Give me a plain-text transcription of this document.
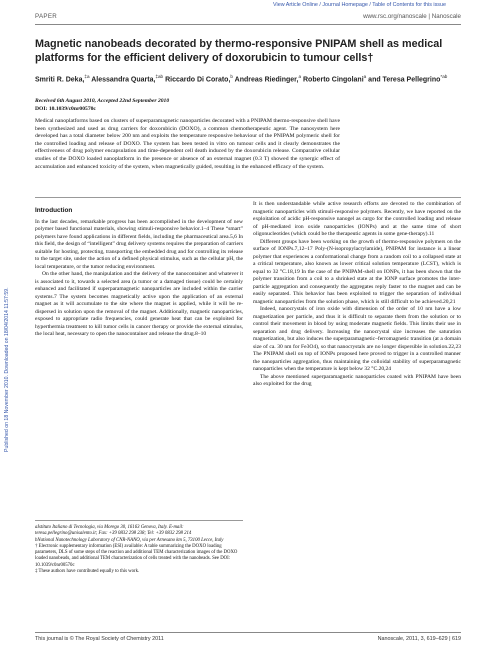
View Article Online / Journal Homepage / Table of Contents for this issue
Published on 18 November 2010. Downloaded on 18/04/2014 11:57:59.
PAPER	www.rsc.org/nanoscale | Nanoscale
Magnetic nanobeads decorated by thermo-responsive PNIPAM shell as medical platforms for the efficient delivery of doxorubicin to tumour cells†
Smriti R. Deka,$^{\ddagger a}$ Alessandra Quarta,$^{\ddagger ab}$ Riccardo Di Corato,$^b$ Andreas Riedinger,$^a$ Roberto Cingolani$^a$ and Teresa Pellegrino$^{*ab}$
Received 6th August 2010, Accepted 22nd September 2010
DOI: 10.1039/c0nr00570c

Medical nanoplatforms based on clusters of superparamagnetic nanoparticles decorated with a PNIPAM thermo-responsive shell have been synthesized and used as drug carriers for doxorubicin (DOXO), a common chemotherapeutic agent. The nanosystem here developed has a total diameter below 200 nm and exploits the temperature responsive behaviour of the PNIPAM polymeric shell for the controlled loading and release of DOXO. The system has been tested in vitro on tumour cells and it clearly demonstrates the effectiveness of drug polymer encapsulation and time-dependent cell death induced by the doxorubicin release. Comparative cellular studies of the DOXO loaded nanoplatform in the presence or absence of an external magnet (0.3 T) showed the synergic effect of accumulation and enhanced toxicity of the system, when magnetically guided, resulting in the enhanced efficacy of the system.

Introduction

In the last decades, remarkable progress has been accomplished in the development of new polymer based functional materials, showing stimuli-responsive behavior.1–4 These “smart” polymers have found applications in different fields, including the pharmaceutical area.5,6 In this field, the design of “intelligent” drug delivery systems requires the preparation of carriers suitable for hosting, protecting, transporting the embedded drug and for controlling its release to the target site, under the action of a defined physical stimulus, such as the cellular pH, the local temperature, or the tumor reducing environment.

On the other hand, the manipulation and the delivery of the nanocontainer and whatever it is associated to it, towards a selected area (a tumor or a damaged tissue) could be certainly enhanced and facilitated if superparamagnetic nanoparticles are included within the carrier systems.7 The system becomes magnetically active upon the application of an external magnet as it will accumulate to the site where the magnet is applied, while it will be re-dispersed in solution upon the removal of the magnet. Additionally, magnetic nanoparticles, exposed to appropriate radio frequencies, could generate heat that can be exploited for hyperthermia treatment to kill tumor cells in cancer therapy or provide the external stimulus, the local heat, necessary to open the nanocontainer and release the drug.8–10

It is then understandable while active research efforts are devoted to the combination of magnetic nanoparticles with stimuli-responsive polymers. Recently, we have reported on the exploitation of acidic pH-responsive nanogel as cargo for the controlled loading and release of pH-mediated iron oxide nanoparticles (IONPs) and at the same time of short oligonucleotides (which could be the therapeutic agents in some gene-therapy).11

Different groups have been working on the growth of thermo-responsive polymers on the surface of IONPs.7,12–17 Poly-(N-isopropylacrylamide), PNIPAM for instance is a linear polymer that experiences a conformational change from a random coil to a collapsed state at a critical temperature, also known as lower critical solution temperature (LCST), which is equal to 32 °C.18,19 In the case of the PNIPAM-shell on IONPs, it has been shown that the polymer transition from a coil to a shrinked state at the IONP surface promotes the inter-particle aggregation and consequently the aggregates reply faster to the magnet and can be easily separated. This behavior has been exploited to trigger the separation of individual magnetic nanoparticles from the solution phase, which is still difficult to be achieved.20,21

Indeed, nanocrystals of iron oxide with dimension of the order of 10 nm have a low magnetization per particle, and thus it is difficult to separate them from the solution or to control their movement in blood by using moderate magnetic fields. This limits their use in separation and drug delivery. Increasing the nanocrystal size increases the saturation magnetization, but also induces the superparamagnetic–ferromagnetic transition (at a domain size of ca. 30 nm for Fe3O4), so that nanocrystals are no longer dispersible in solution.22,23 The PNIPAM shell on top of IONPs proposed here proved to trigger in a controlled manner the nanoparticles aggregation, thus maintaining the colloidal stability of superparamagnetic nanoparticles when the temperature is kept below 32 °C.20,24

The above mentioned superparamagnetic nanoparticles coated with PNIPAM have been also exploited for the drug

aIstituto Italiano di Tecnologia, via Morego 30, 16163 Genova, Italy. E-mail: teresa.pellegrino@unisalento.it; Fax: +39 0832 298 238; Tel: +39 0832 298 214

bNational Nanotechnology Laboratory of CNR-NANO, via per Arnesano km 5, 73100 Lecce, Italy

† Electronic supplementary information (ESI) available: A table summarizing the DOXO loading parameters, DLS of some steps of the reaction and additional TEM characterization images of the DOXO loaded nanobeads, and additional TEM characterization of cells treated with the nanobeads. See DOI: 10.1039/c0nr00570c

‡ These authors have contributed equally to this work.

This journal is © The Royal Society of Chemistry 2011	Nanoscale, 2011, 3, 619–629 | 619
